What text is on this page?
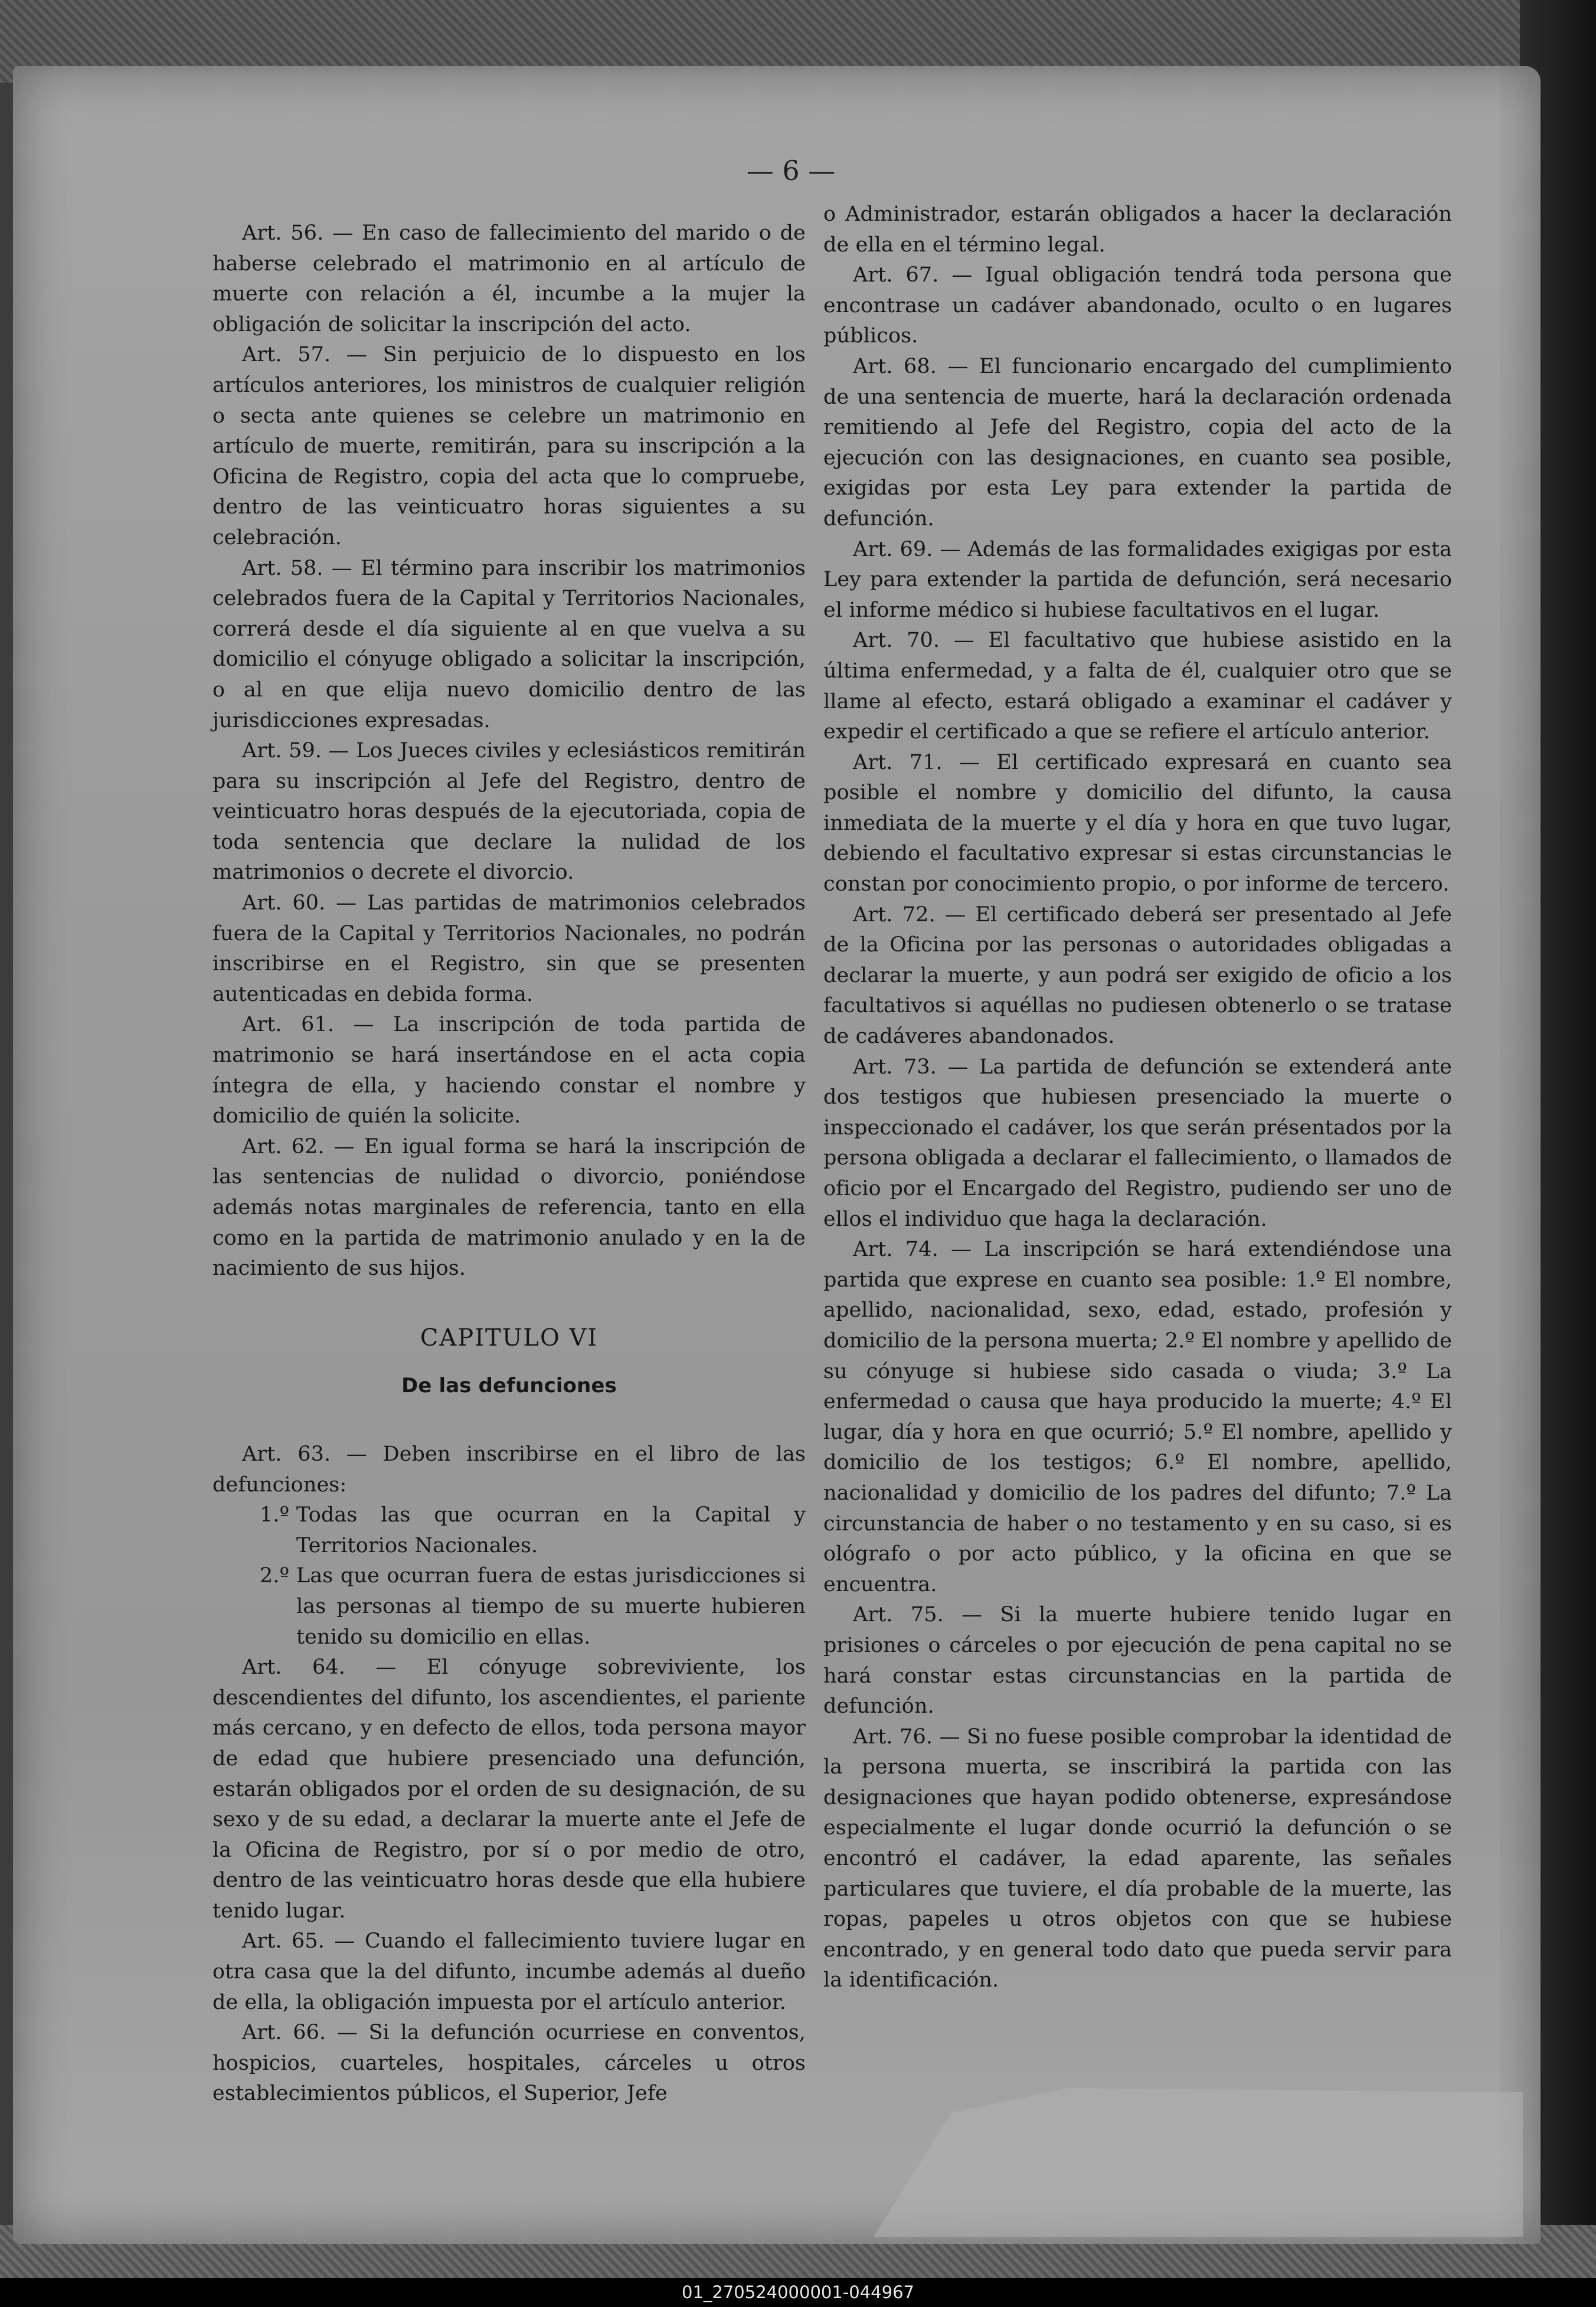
— 6 —

Art. 56. — En caso de fallecimiento del marido o de haberse celebrado el matrimonio en al artículo de muerte con relación a él, incumbe a la mujer la obligación de solicitar la inscripción del acto.

Art. 57. — Sin perjuicio de lo dispuesto en los artículos anteriores, los ministros de cualquier religión o secta ante quienes se celebre un matrimonio en artículo de muerte, remitirán, para su inscripción a la Oficina de Registro, copia del acta que lo compruebe, dentro de las veinticuatro horas siguientes a su celebración.

Art. 58. — El término para inscribir los matrimonios celebrados fuera de la Capital y Territorios Nacionales, correrá desde el día siguiente al en que vuelva a su domicilio el cónyuge obligado a solicitar la inscripción, o al en que elija nuevo domicilio dentro de las jurisdicciones expresadas.

Art. 59. — Los Jueces civiles y eclesiásticos remitirán para su inscripción al Jefe del Registro, dentro de veinticuatro horas después de la ejecutoriada, copia de toda sentencia que declare la nulidad de los matrimonios o decrete el divorcio.

Art. 60. — Las partidas de matrimonios celebrados fuera de la Capital y Territorios Nacionales, no podrán inscribirse en el Registro, sin que se presenten autenticadas en debida forma.

Art. 61. — La inscripción de toda partida de matrimonio se hará insertándose en el acta copia íntegra de ella, y haciendo constar el nombre y domicilio de quién la solicite.

Art. 62. — En igual forma se hará la inscripción de las sentencias de nulidad o divorcio, poniéndose además notas marginales de referencia, tanto en ella como en la partida de matrimonio anulado y en la de nacimiento de sus hijos.

CAPITULO VI
De las defunciones

Art. 63. — Deben inscribirse en el libro de las defunciones:

1.º Todas las que ocurran en la Capital y Territorios Nacionales.
2.º Las que ocurran fuera de estas jurisdicciones si las personas al tiempo de su muerte hubieren tenido su domicilio en ellas.

Art. 64. — El cónyuge sobreviviente, los descendientes del difunto, los ascendientes, el pariente más cercano, y en defecto de ellos, toda persona mayor de edad que hubiere presenciado una defunción, estarán obligados por el orden de su designación, de su sexo y de su edad, a declarar la muerte ante el Jefe de la Oficina de Registro, por sí o por medio de otro, dentro de las veinticuatro horas desde que ella hubiere tenido lugar.

Art. 65. — Cuando el fallecimiento tuviere lugar en otra casa que la del difunto, incumbe además al dueño de ella, la obligación impuesta por el artículo anterior.

Art. 66. — Si la defunción ocurriese en conventos, hospicios, cuarteles, hospitales, cárceles u otros establecimientos públicos, el Superior, Jefe

o Administrador, estarán obligados a hacer la declaración de ella en el término legal.

Art. 67. — Igual obligación tendrá toda persona que encontrase un cadáver abandonado, oculto o en lugares públicos.

Art. 68. — El funcionario encargado del cumplimiento de una sentencia de muerte, hará la declaración ordenada remitiendo al Jefe del Registro, copia del acto de la ejecución con las designaciones, en cuanto sea posible, exigidas por esta Ley para extender la partida de defunción.

Art. 69. — Además de las formalidades exigigas por esta Ley para extender la partida de defunción, será necesario el informe médico si hubiese facultativos en el lugar.

Art. 70. — El facultativo que hubiese asistido en la última enfermedad, y a falta de él, cualquier otro que se llame al efecto, estará obligado a examinar el cadáver y expedir el certificado a que se refiere el artículo anterior.

Art. 71. — El certificado expresará en cuanto sea posible el nombre y domicilio del difunto, la causa inmediata de la muerte y el día y hora en que tuvo lugar, debiendo el facultativo expresar si estas circunstancias le constan por conocimiento propio, o por informe de tercero.

Art. 72. — El certificado deberá ser presentado al Jefe de la Oficina por las personas o autoridades obligadas a declarar la muerte, y aun podrá ser exigido de oficio a los facultativos si aquéllas no pudiesen obtenerlo o se tratase de cadáveres abandonados.

Art. 73. — La partida de defunción se extenderá ante dos testigos que hubiesen presenciado la muerte o inspeccionado el cadáver, los que serán présentados por la persona obligada a declarar el fallecimiento, o llamados de oficio por el Encargado del Registro, pudiendo ser uno de ellos el individuo que haga la declaración.

Art. 74. — La inscripción se hará extendiéndose una partida que exprese en cuanto sea posible: 1.º El nombre, apellido, nacionalidad, sexo, edad, estado, profesión y domicilio de la persona muerta; 2.º El nombre y apellido de su cónyuge si hubiese sido casada o viuda; 3.º La enfermedad o causa que haya producido la muerte; 4.º El lugar, día y hora en que ocurrió; 5.º El nombre, apellido y domicilio de los testigos; 6.º El nombre, apellido, nacionalidad y domicilio de los padres del difunto; 7.º La circunstancia de haber o no testamento y en su caso, si es ológrafo o por acto público, y la oficina en que se encuentra.

Art. 75. — Si la muerte hubiere tenido lugar en prisiones o cárceles o por ejecución de pena capital no se hará constar estas circunstancias en la partida de defunción.

Art. 76. — Si no fuese posible comprobar la identidad de la persona muerta, se inscribirá la partida con las designaciones que hayan podido obtenerse, expresándose especialmente el lugar donde ocurrió la defunción o se encontró el cadáver, la edad aparente, las señales particulares que tuviere, el día probable de la muerte, las ropas, papeles u otros objetos con que se hubiese encontrado, y en general todo dato que pueda servir para la identificación.

01_270524000001-044967
